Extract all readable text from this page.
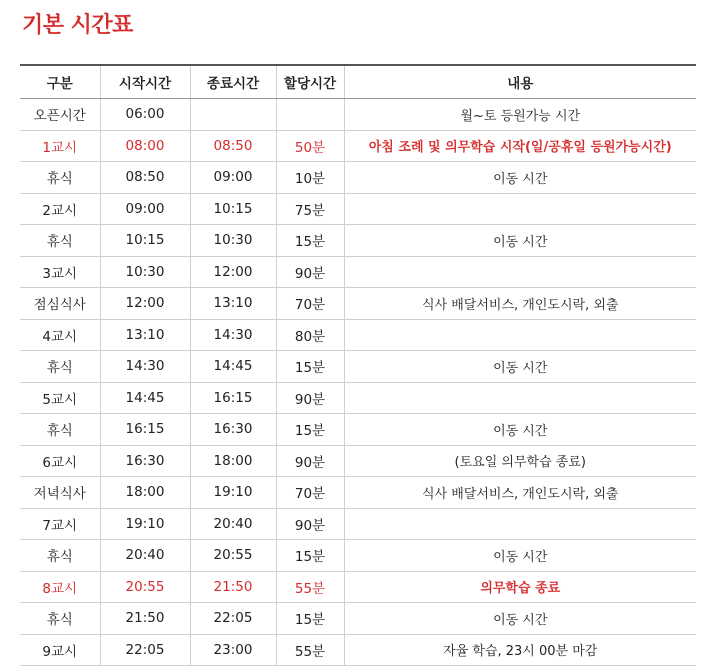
기본 시간표
구분	시작시간	종료시간	할당시간	내용
오픈시간	06:00			월~토 등원가능 시간
1교시	08:00	08:50	50분	아침 조례 및 의무학습 시작(일/공휴일 등원가능시간)
휴식	08:50	09:00	10분	이동 시간
2교시	09:00	10:15	75분	
휴식	10:15	10:30	15분	이동 시간
3교시	10:30	12:00	90분	
점심식사	12:00	13:10	70분	식사 배달서비스, 개인도시락, 외출
4교시	13:10	14:30	80분	
휴식	14:30	14:45	15분	이동 시간
5교시	14:45	16:15	90분	
휴식	16:15	16:30	15분	이동 시간
6교시	16:30	18:00	90분	(토요일 의무학습 종료)
저녁식사	18:00	19:10	70분	식사 배달서비스, 개인도시락, 외출
7교시	19:10	20:40	90분	
휴식	20:40	20:55	15분	이동 시간
8교시	20:55	21:50	55분	의무학습 종료
휴식	21:50	22:05	15분	이동 시간
9교시	22:05	23:00	55분	자율 학습, 23시 00분 마감
